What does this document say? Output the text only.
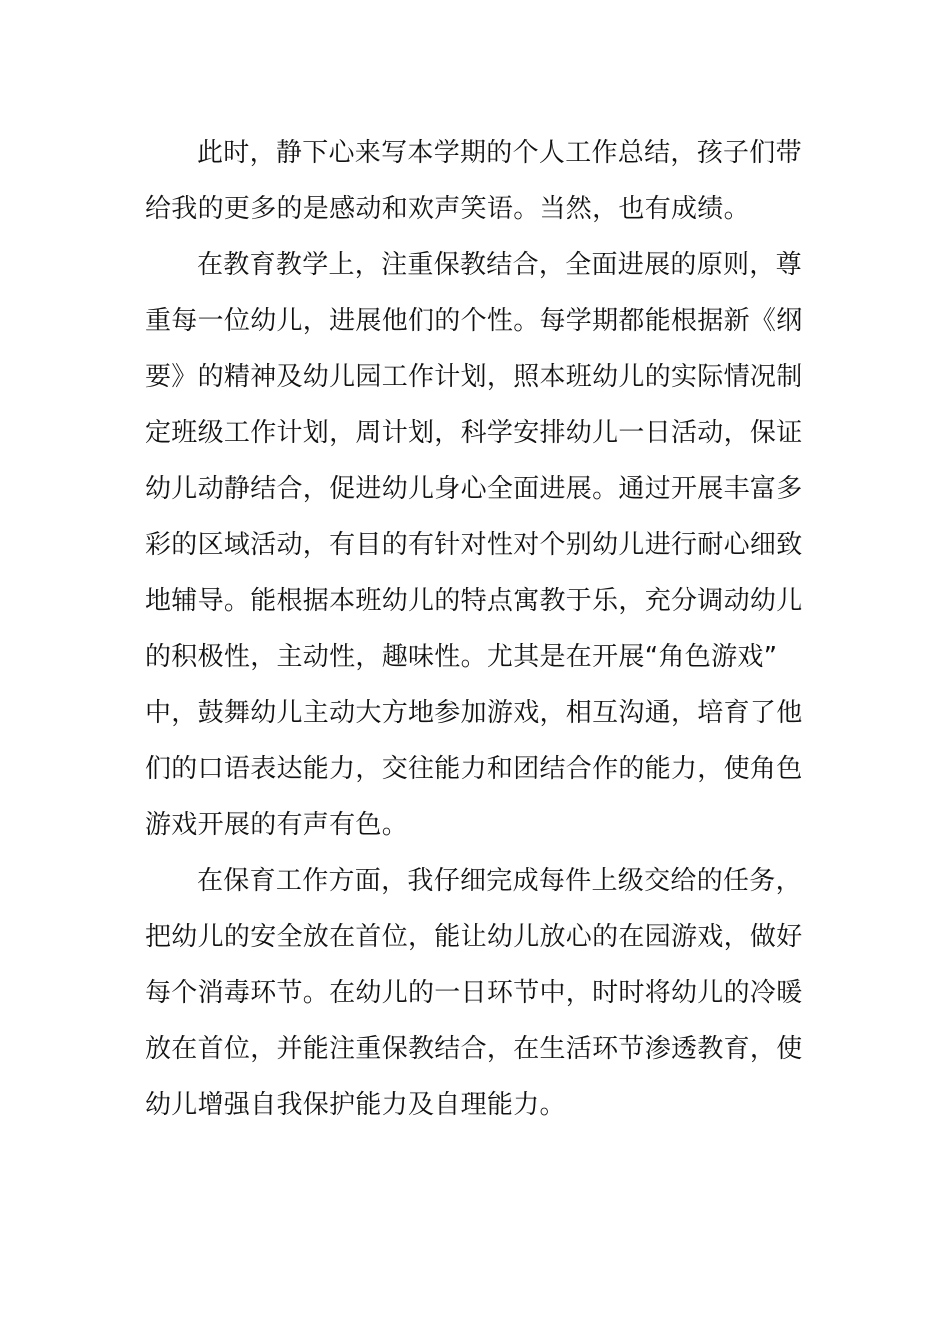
此时，静下心来写本学期的个人工作总结，孩子们带
给我的更多的是感动和欢声笑语。当然，也有成绩。
在教育教学上，注重保教结合，全面进展的原则，尊
重每一位幼儿，进展他们的个性。每学期都能根据新《纲
要》的精神及幼儿园工作计划，照本班幼儿的实际情况制
定班级工作计划，周计划，科学安排幼儿一日活动，保证
幼儿动静结合，促进幼儿身心全面进展。通过开展丰富多
彩的区域活动，有目的有针对性对个别幼儿进行耐心细致
地辅导。能根据本班幼儿的特点寓教于乐，充分调动幼儿
的积极性，主动性，趣味性。尤其是在开展“角色游戏”
中，鼓舞幼儿主动大方地参加游戏，相互沟通，培育了他
们的口语表达能力，交往能力和团结合作的能力，使角色
游戏开展的有声有色。
在保育工作方面，我仔细完成每件上级交给的任务，
把幼儿的安全放在首位，能让幼儿放心的在园游戏，做好
每个消毒环节。在幼儿的一日环节中，时时将幼儿的冷暖
放在首位，并能注重保教结合，在生活环节渗透教育，使
幼儿增强自我保护能力及自理能力。
